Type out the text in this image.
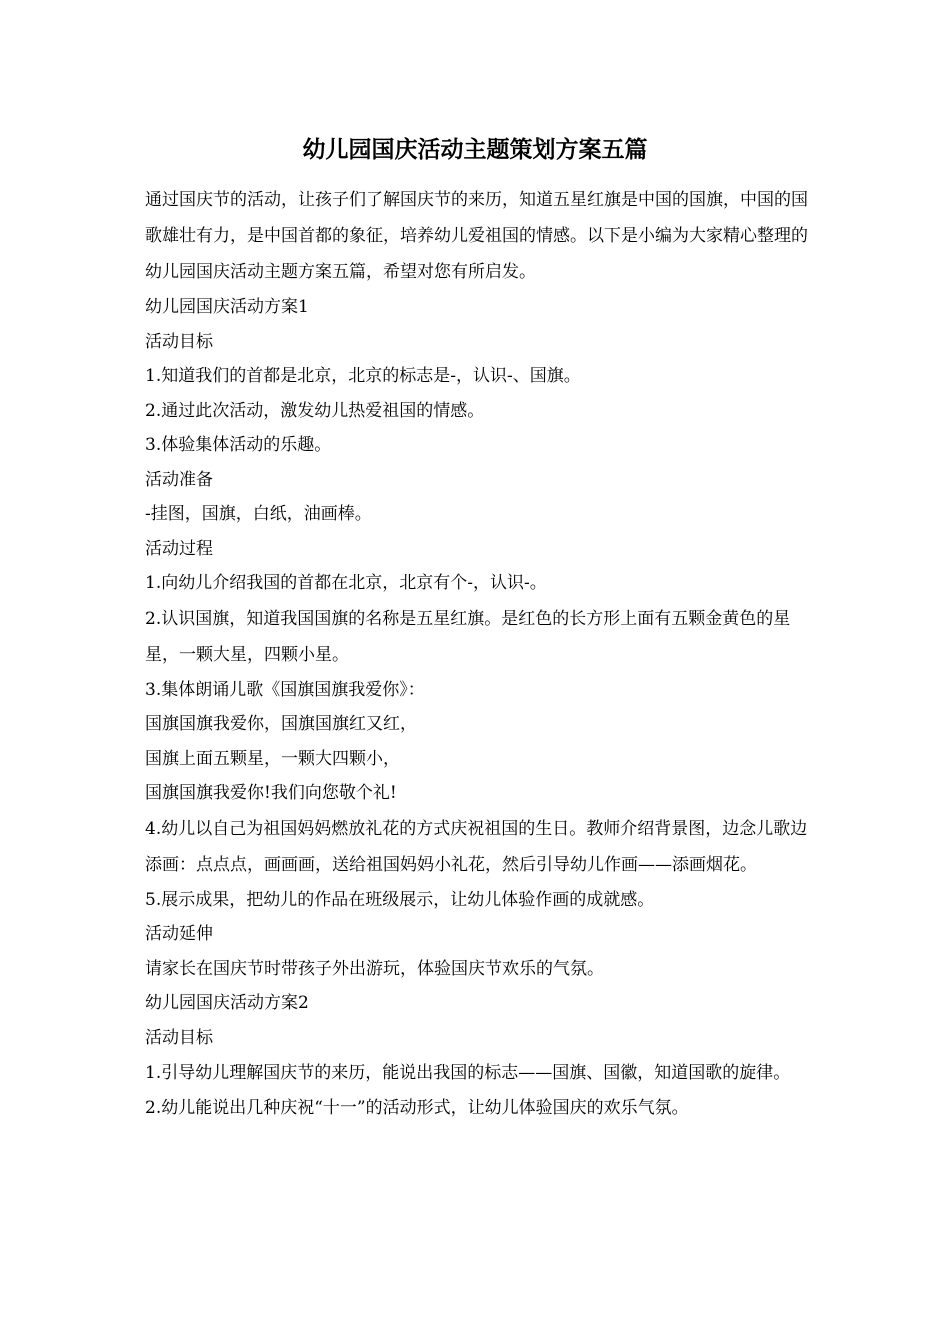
幼儿园国庆活动主题策划方案五篇

通过国庆节的活动，让孩子们了解国庆节的来历，知道五星红旗是中国的国旗，中国的国歌雄壮有力，是中国首都的象征，培养幼儿爱祖国的情感。以下是小编为大家精心整理的幼儿园国庆活动主题方案五篇，希望对您有所启发。

幼儿园国庆活动方案1

活动目标

1.知道我们的首都是北京，北京的标志是-，认识-、国旗。

2.通过此次活动，激发幼儿热爱祖国的情感。

3.体验集体活动的乐趣。

活动准备

-挂图，国旗，白纸，油画棒。

活动过程

1.向幼儿介绍我国的首都在北京，北京有个-，认识-。

2.认识国旗，知道我国国旗的名称是五星红旗。是红色的长方形上面有五颗金黄色的星星，一颗大星，四颗小星。

3.集体朗诵儿歌《国旗国旗我爱你》：

国旗国旗我爱你，国旗国旗红又红，

国旗上面五颗星，一颗大四颗小，

国旗国旗我爱你!我们向您敬个礼!

4.幼儿以自己为祖国妈妈燃放礼花的方式庆祝祖国的生日。教师介绍背景图，边念儿歌边添画：点点点，画画画，送给祖国妈妈小礼花，然后引导幼儿作画——添画烟花。

5.展示成果，把幼儿的作品在班级展示，让幼儿体验作画的成就感。

活动延伸

请家长在国庆节时带孩子外出游玩，体验国庆节欢乐的气氛。

幼儿园国庆活动方案2

活动目标

1.引导幼儿理解国庆节的来历，能说出我国的标志——国旗、国徽，知道国歌的旋律。

2.幼儿能说出几种庆祝“十一”的活动形式，让幼儿体验国庆的欢乐气氛。
